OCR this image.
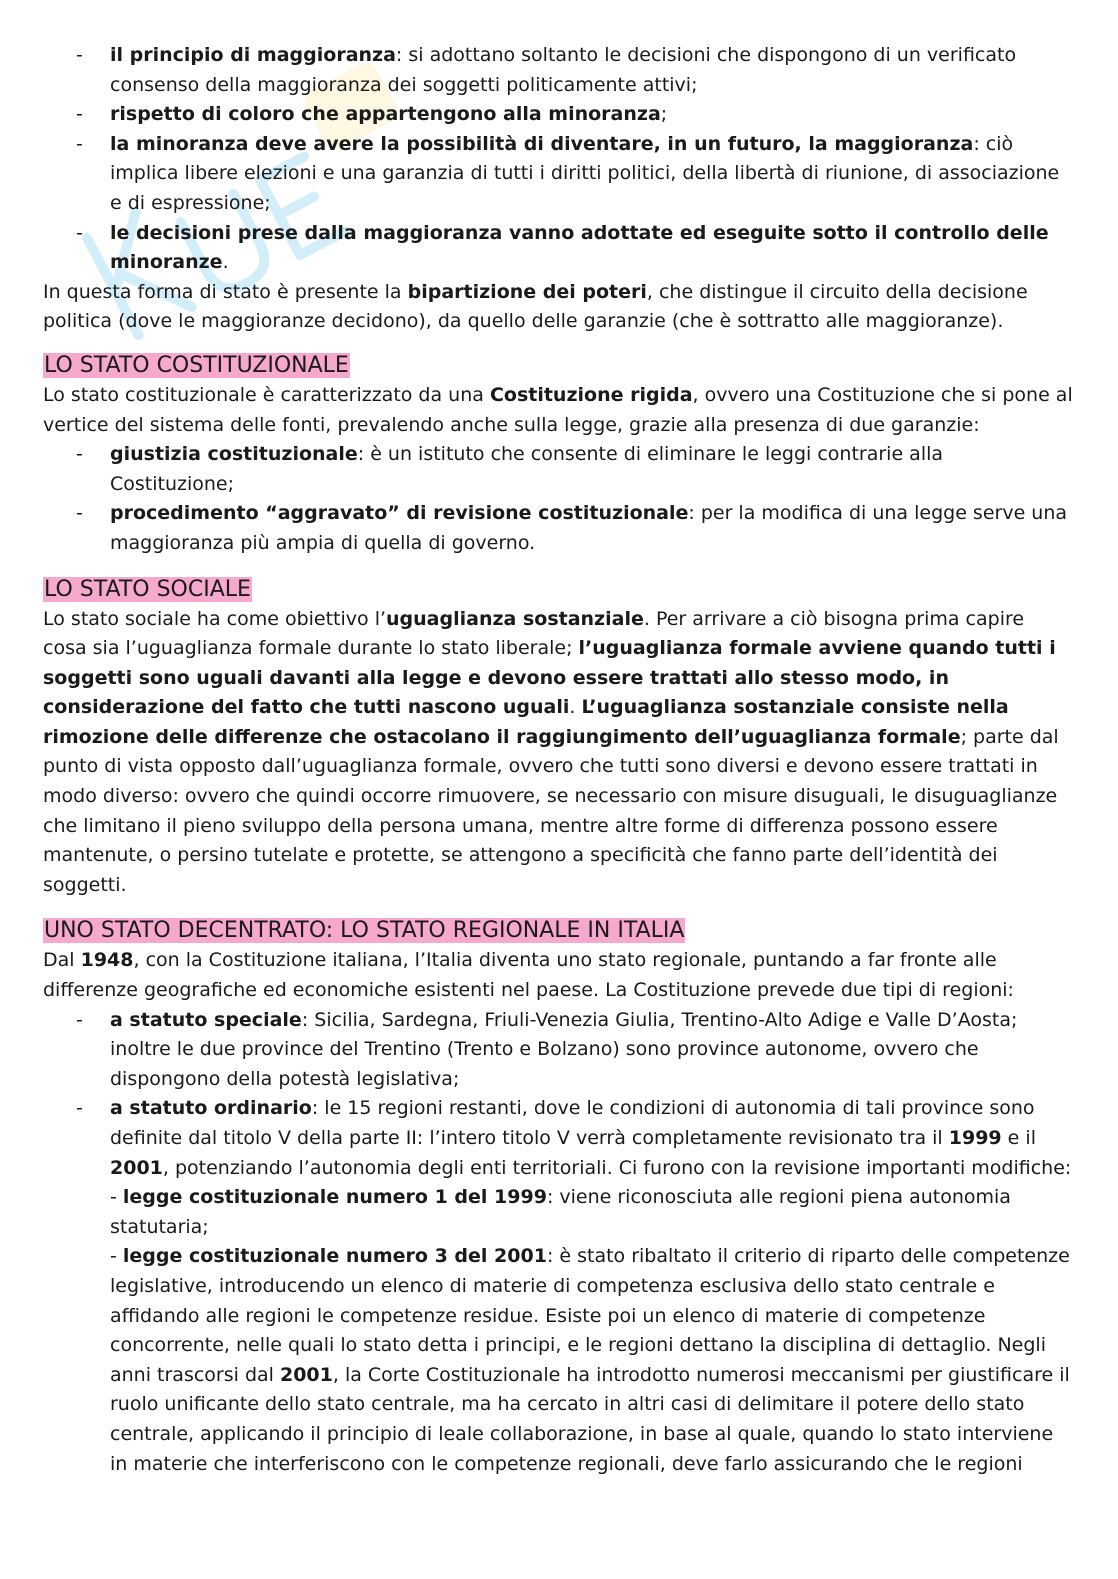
- il principio di maggioranza: si adottano soltanto le decisioni che dispongono di un verificato consenso della maggioranza dei soggetti politicamente attivi;
- rispetto di coloro che appartengono alla minoranza;
- la minoranza deve avere la possibilità di diventare, in un futuro, la maggioranza: ciò implica libere elezioni e una garanzia di tutti i diritti politici, della libertà di riunione, di associazione e di espressione;
- le decisioni prese dalla maggioranza vanno adottate ed eseguite sotto il controllo delle minoranze.

In questa forma di stato è presente la bipartizione dei poteri, che distingue il circuito della decisione politica (dove le maggioranze decidono), da quello delle garanzie (che è sottratto alle maggioranze).

LO STATO COSTITUZIONALE

Lo stato costituzionale è caratterizzato da una Costituzione rigida, ovvero una Costituzione che si pone al vertice del sistema delle fonti, prevalendo anche sulla legge, grazie alla presenza di due garanzie:

- giustizia costituzionale: è un istituto che consente di eliminare le leggi contrarie alla Costituzione;
- procedimento “aggravato” di revisione costituzionale: per la modifica di una legge serve una maggioranza più ampia di quella di governo.
LO STATO SOCIALE

Lo stato sociale ha come obiettivo l’uguaglianza sostanziale. Per arrivare a ciò bisogna prima capire cosa sia l’uguaglianza formale durante lo stato liberale; l’uguaglianza formale avviene quando tutti i soggetti sono uguali davanti alla legge e devono essere trattati allo stesso modo, in considerazione del fatto che tutti nascono uguali. L’uguaglianza sostanziale consiste nella rimozione delle differenze che ostacolano il raggiungimento dell’uguaglianza formale; parte dal punto di vista opposto dall’uguaglianza formale, ovvero che tutti sono diversi e devono essere trattati in modo diverso: ovvero che quindi occorre rimuovere, se necessario con misure disuguali, le disuguaglianze che limitano il pieno sviluppo della persona umana, mentre altre forme di differenza possono essere mantenute, o persino tutelate e protette, se attengono a specificità che fanno parte dell’identità dei soggetti.

UNO STATO DECENTRATO: LO STATO REGIONALE IN ITALIA

Dal 1948, con la Costituzione italiana, l’Italia diventa uno stato regionale, puntando a far fronte alle differenze geografiche ed economiche esistenti nel paese. La Costituzione prevede due tipi di regioni:

- a statuto speciale: Sicilia, Sardegna, Friuli-Venezia Giulia, Trentino-Alto Adige e Valle D’Aosta; inoltre le due province del Trentino (Trento e Bolzano) sono province autonome, ovvero che dispongono della potestà legislativa;
- a statuto ordinario: le 15 regioni restanti, dove le condizioni di autonomia di tali province sono definite dal titolo V della parte II: l’intero titolo V verrà completamente revisionato tra il 1999 e il 2001, potenziando l’autonomia degli enti territoriali. Ci furono con la revisione importanti modifiche:
- legge costituzionale numero 1 del 1999: viene riconosciuta alle regioni piena autonomia statutaria;
- legge costituzionale numero 3 del 2001: è stato ribaltato il criterio di riparto delle competenze legislative, introducendo un elenco di materie di competenza esclusiva dello stato centrale e affidando alle regioni le competenze residue. Esiste poi un elenco di materie di competenze concorrente, nelle quali lo stato detta i principi, e le regioni dettano la disciplina di dettaglio. Negli anni trascorsi dal 2001, la Corte Costituzionale ha introdotto numerosi meccanismi per giustificare il ruolo unificante dello stato centrale, ma ha cercato in altri casi di delimitare il potere dello stato centrale, applicando il principio di leale collaborazione, in base al quale, quando lo stato interviene in materie che interferiscono con le competenze regionali, deve farlo assicurando che le regioni
